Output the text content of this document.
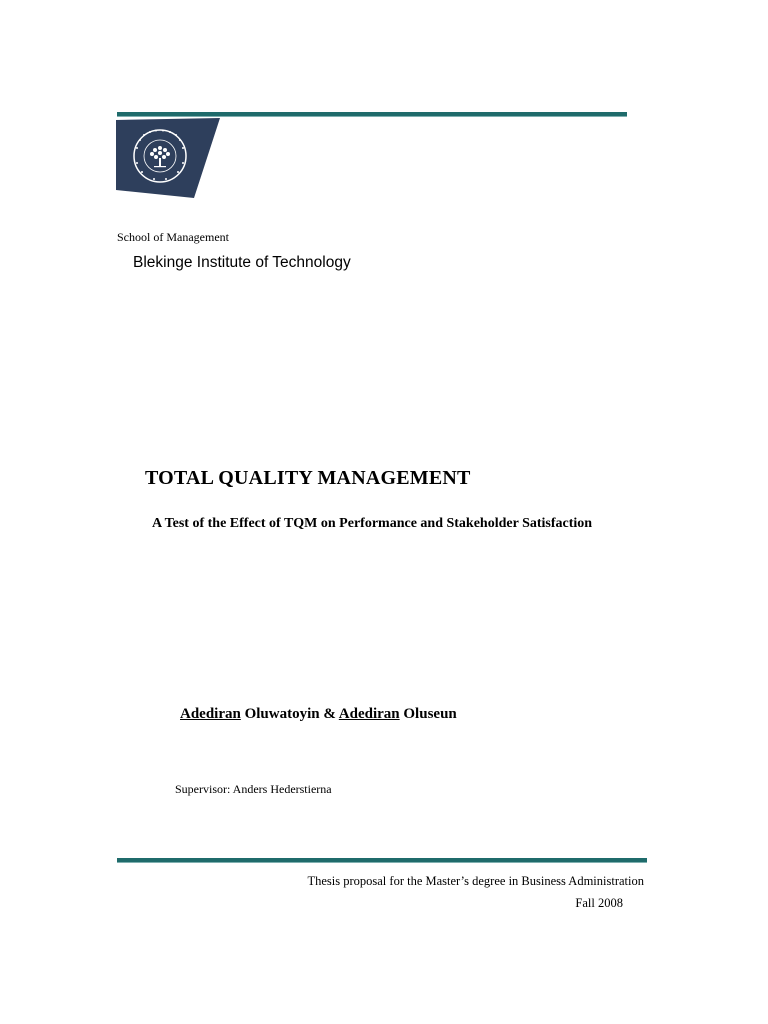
School of Management
Blekinge Institute of Technology
TOTAL QUALITY MANAGEMENT
A Test of the Effect of TQM on Performance and Stakeholder Satisfaction
Adediran Oluwatoyin & Adediran Oluseun
Supervisor: Anders Hederstierna
Thesis proposal for the Master’s degree in Business Administration
Fall 2008
